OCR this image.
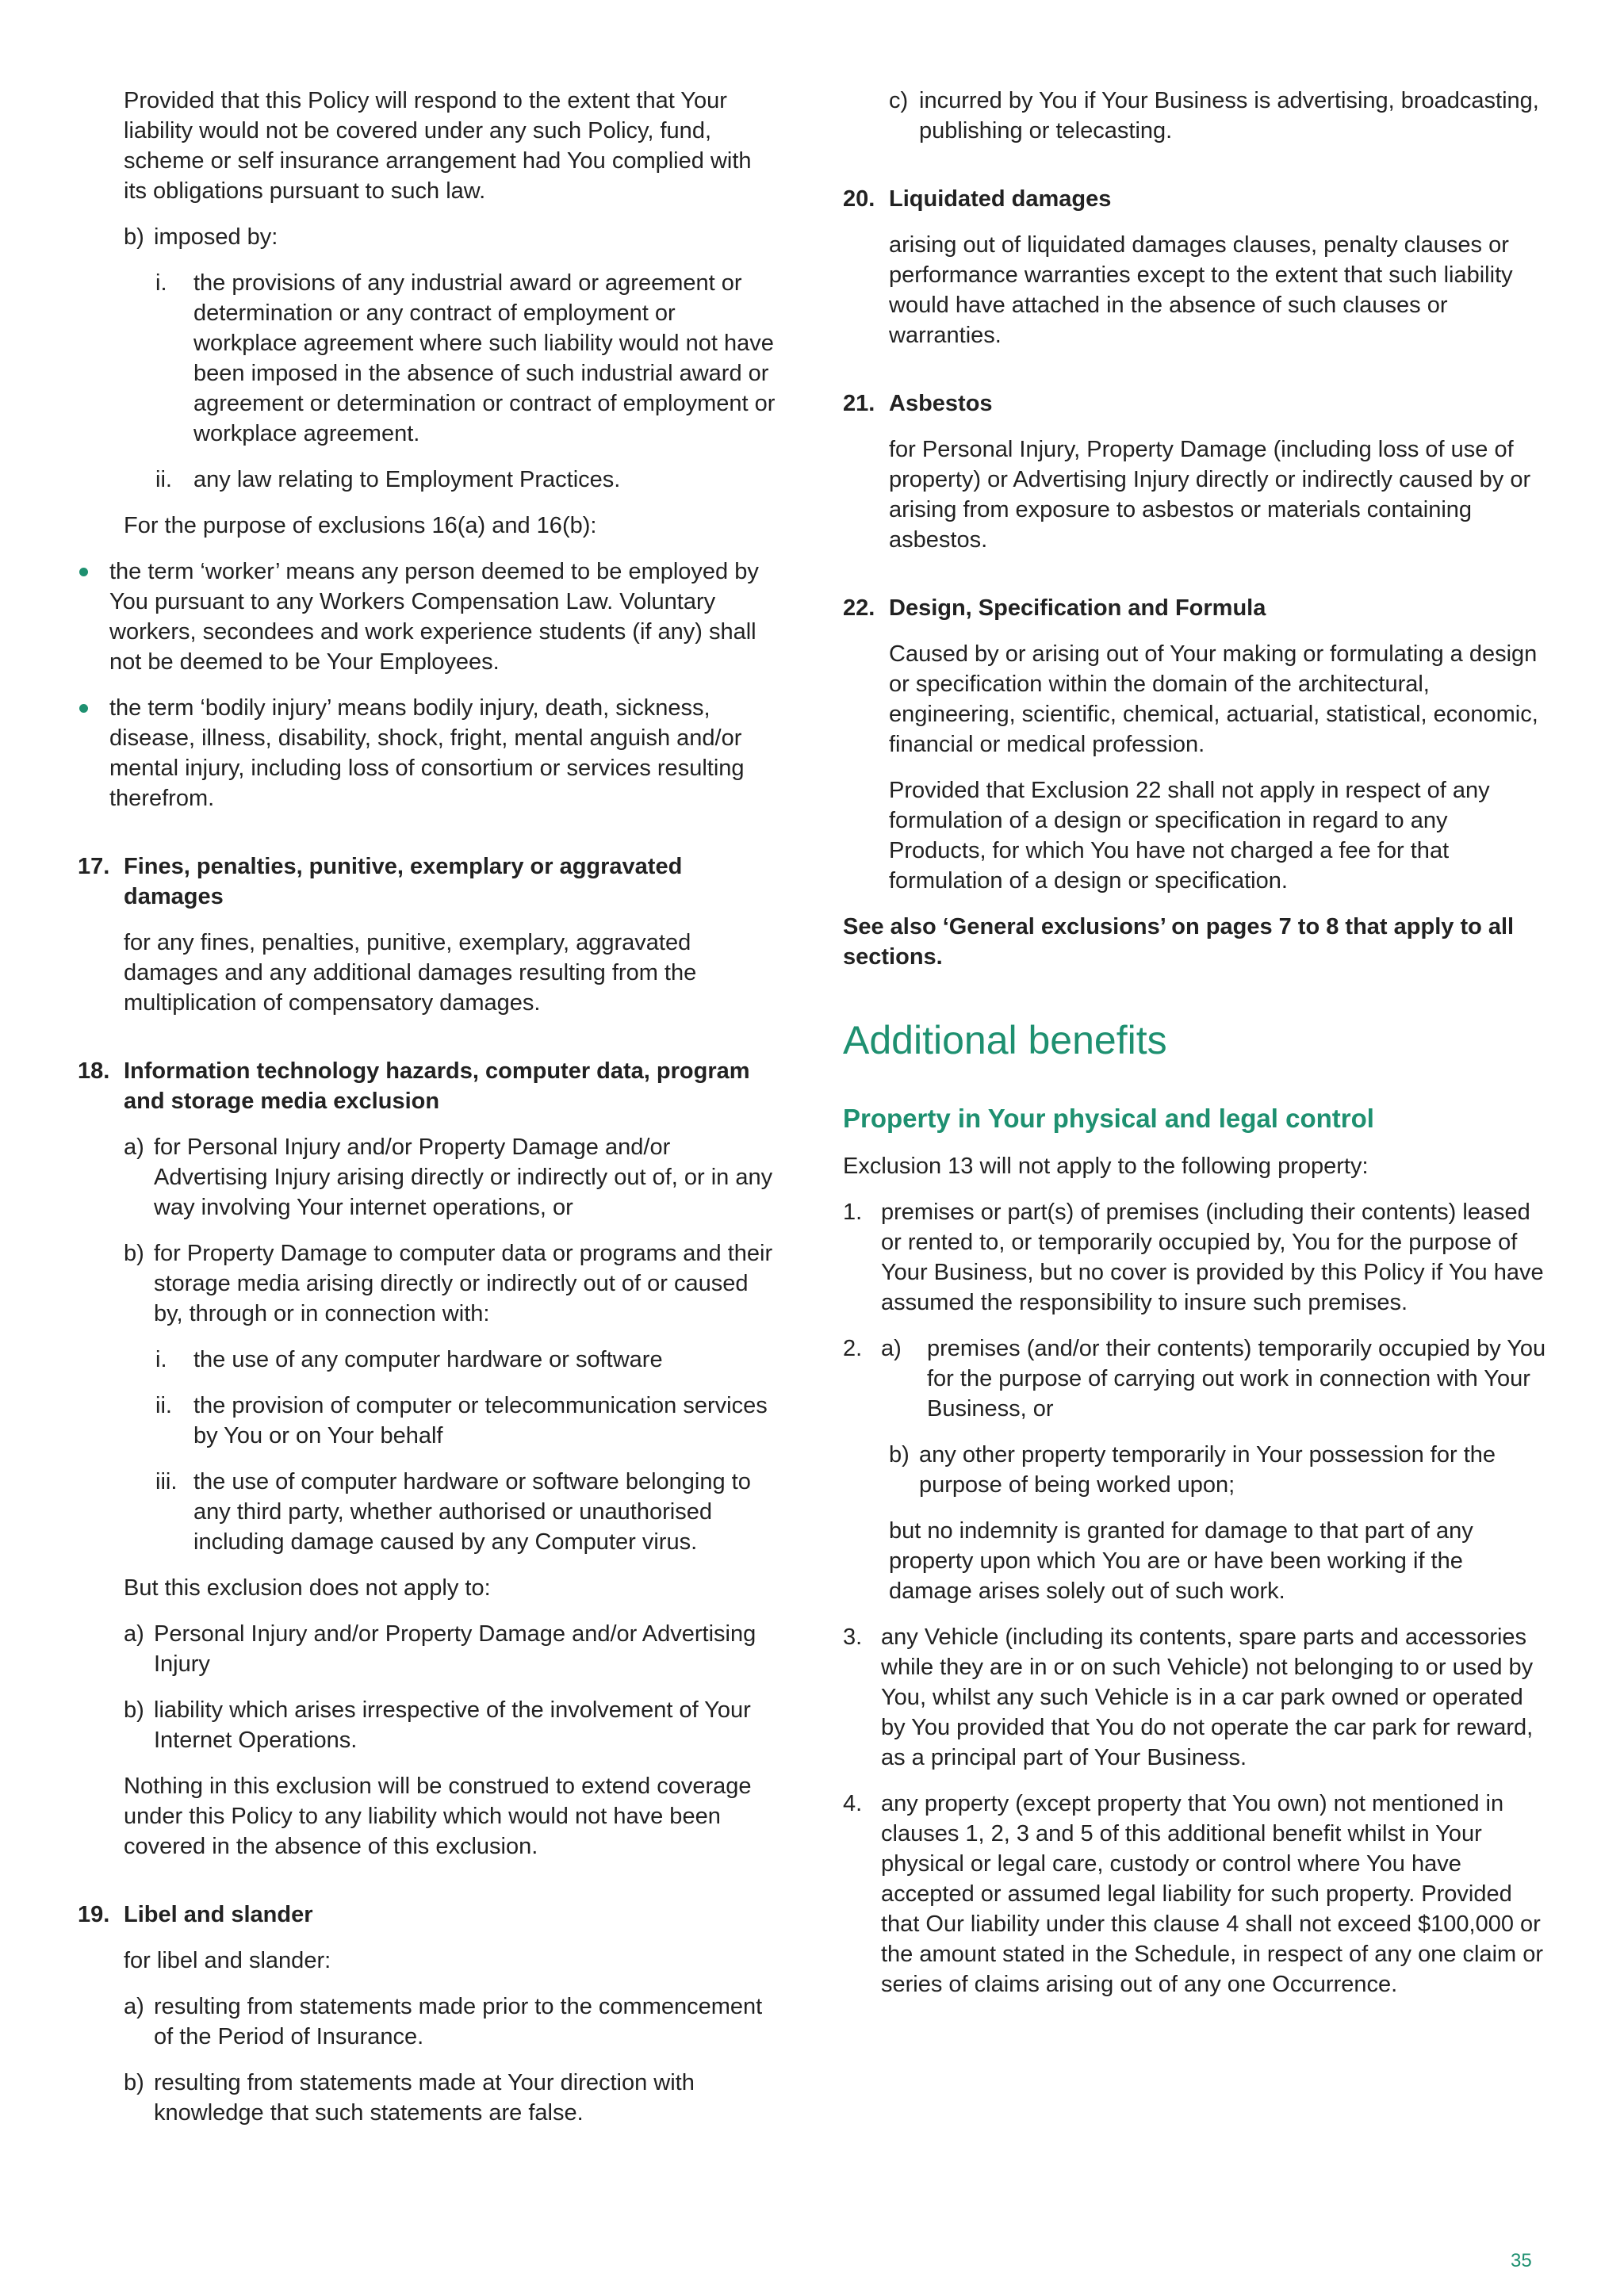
Provided that this Policy will respond to the extent that Your liability would not be covered under any such Policy, fund, scheme or self insurance arrangement had You complied with its obligations pursuant to such law.

b) imposed by:
i. the provisions of any industrial award or agreement or determination or any contract of employment or workplace agreement where such liability would not have been imposed in the absence of such industrial award or agreement or determination or contract of employment or workplace agreement.
ii. any law relating to Employment Practices.

For the purpose of exclusions 16(a) and 16(b):

the term ‘worker’ means any person deemed to be employed by You pursuant to any Workers Compensation Law. Voluntary workers, secondees and work experience students (if any) shall not be deemed to be Your Employees.
the term ‘bodily injury’ means bodily injury, death, sickness, disease, illness, disability, shock, fright, mental anguish and/or mental injury, including loss of consortium or services resulting therefrom.
17. Fines, penalties, punitive, exemplary or aggravated damages

for any fines, penalties, punitive, exemplary, aggravated damages and any additional damages resulting from the multiplication of compensatory damages.

18. Information technology hazards, computer data, program and storage media exclusion
a) for Personal Injury and/or Property Damage and/or Advertising Injury arising directly or indirectly out of, or in any way involving Your internet operations, or
b) for Property Damage to computer data or programs and their storage media arising directly or indirectly out of or caused by, through or in connection with:
i. the use of any computer hardware or software
ii. the provision of computer or telecommunication services by You or on Your behalf
iii. the use of computer hardware or software belonging to any third party, whether authorised or unauthorised including damage caused by any Computer virus.

But this exclusion does not apply to:

a) Personal Injury and/or Property Damage and/or Advertising Injury
b) liability which arises irrespective of the involvement of Your Internet Operations.

Nothing in this exclusion will be construed to extend coverage under this Policy to any liability which would not have been covered in the absence of this exclusion.

19. Libel and slander

for libel and slander:

a) resulting from statements made prior to the commencement of the Period of Insurance.
b) resulting from statements made at Your direction with knowledge that such statements are false.
c) incurred by You if Your Business is advertising, broadcasting, publishing or telecasting.
20. Liquidated damages

arising out of liquidated damages clauses, penalty clauses or performance warranties except to the extent that such liability would have attached in the absence of such clauses or warranties.

21. Asbestos

for Personal Injury, Property Damage (including loss of use of property) or Advertising Injury directly or indirectly caused by or arising from exposure to asbestos or materials containing asbestos.

22. Design, Specification and Formula

Caused by or arising out of Your making or formulating a design or specification within the domain of the architectural, engineering, scientific, chemical, actuarial, statistical, economic, financial or medical profession.

Provided that Exclusion 22 shall not apply in respect of any formulation of a design or specification in regard to any Products, for which You have not charged a fee for that formulation of a design or specification.

See also ‘General exclusions’ on pages 7 to 8 that apply to all sections.

Additional benefits
Property in Your physical and legal control

Exclusion 13 will not apply to the following property:

1. premises or part(s) of premises (including their contents) leased or rented to, or temporarily occupied by, You for the purpose of Your Business, but no cover is provided by this Policy if You have assumed the responsibility to insure such premises.
2. a) premises (and/or their contents) temporarily occupied by You for the purpose of carrying out work in connection with Your Business, or
b) any other property temporarily in Your possession for the purpose of being worked upon;

but no indemnity is granted for damage to that part of any property upon which You are or have been working if the damage arises solely out of such work.

3. any Vehicle (including its contents, spare parts and accessories while they are in or on such Vehicle) not belonging to or used by You, whilst any such Vehicle is in a car park owned or operated by You provided that You do not operate the car park for reward, as a principal part of Your Business.
4. any property (except property that You own) not mentioned in clauses 1, 2, 3 and 5 of this additional benefit whilst in Your physical or legal care, custody or control where You have accepted or assumed legal liability for such property. Provided that Our liability under this clause 4 shall not exceed $100,000 or the amount stated in the Schedule, in respect of any one claim or series of claims arising out of any one Occurrence.
35
